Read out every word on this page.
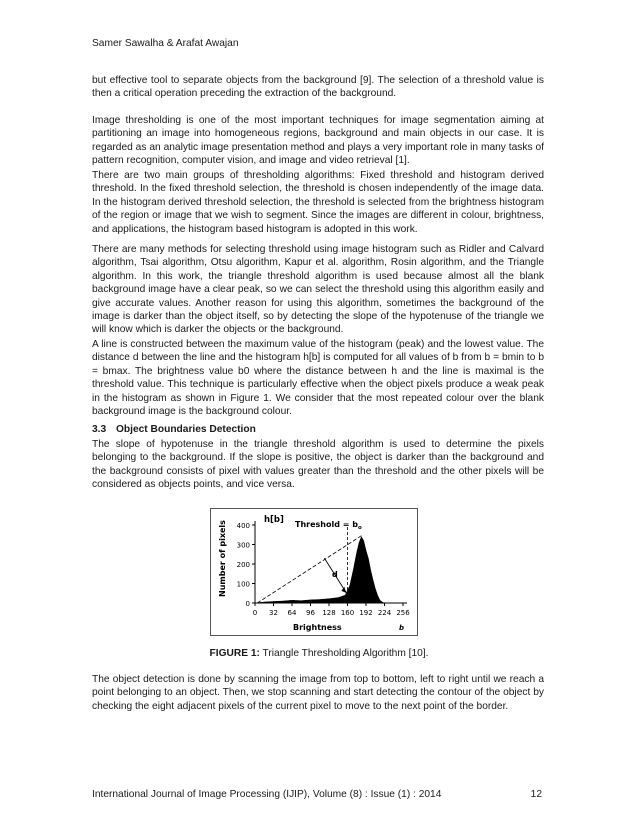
Samer Sawalha & Arafat Awajan

but effective tool to separate objects from the background [9]. The selection of a threshold value is then a critical operation preceding the extraction of the background.

Image thresholding is one of the most important techniques for image segmentation aiming at partitioning an image into homogeneous regions, background and main objects in our case. It is regarded as an analytic image presentation method and plays a very important role in many tasks of pattern recognition, computer vision, and image and video retrieval [1].

There are two main groups of thresholding algorithms: Fixed threshold and histogram derived threshold. In the fixed threshold selection, the threshold is chosen independently of the image data. In the histogram derived threshold selection, the threshold is selected from the brightness histogram of the region or image that we wish to segment. Since the images are different in colour, brightness, and applications, the histogram based histogram is adopted in this work.

There are many methods for selecting threshold using image histogram such as Ridler and Calvard algorithm, Tsai algorithm, Otsu algorithm, Kapur et al. algorithm, Rosin algorithm, and the Triangle algorithm. In this work, the triangle threshold algorithm is used because almost all the blank background image have a clear peak, so we can select the threshold using this algorithm easily and give accurate values. Another reason for using this algorithm, sometimes the background of the image is darker than the object itself, so by detecting the slope of the hypotenuse of the triangle we will know which is darker the objects or the background.

A line is constructed between the maximum value of the histogram (peak) and the lowest value. The distance d between the line and the histogram h[b] is computed for all values of b from b = bmin to b = bmax. The brightness value b0 where the distance between h and the line is maximal is the threshold value. This technique is particularly effective when the object pixels produce a weak peak in the histogram as shown in Figure 1. We consider that the most repeated colour over the blank background image is the background colour.

3.3 Object Boundaries Detection

The slope of hypotenuse in the triangle threshold algorithm is used to determine the pixels belonging to the background. If the slope is positive, the object is darker than the background and the background consists of pixel with values greater than the threshold and the other pixels will be considered as objects points, and vice versa.

0
100
200
300
400
0 32 64 96 128 160 192 224 256
Number of pixels
Brightness
h[b] Threshold = $b_o$
d
b
FIGURE 1: Triangle Thresholding Algorithm [10].

The object detection is done by scanning the image from top to bottom, left to right until we reach a point belonging to an object. Then, we stop scanning and start detecting the contour of the object by checking the eight adjacent pixels of the current pixel to move to the next point of the border.

International Journal of Image Processing (IJIP), Volume (8) : Issue (1) : 2014	12
